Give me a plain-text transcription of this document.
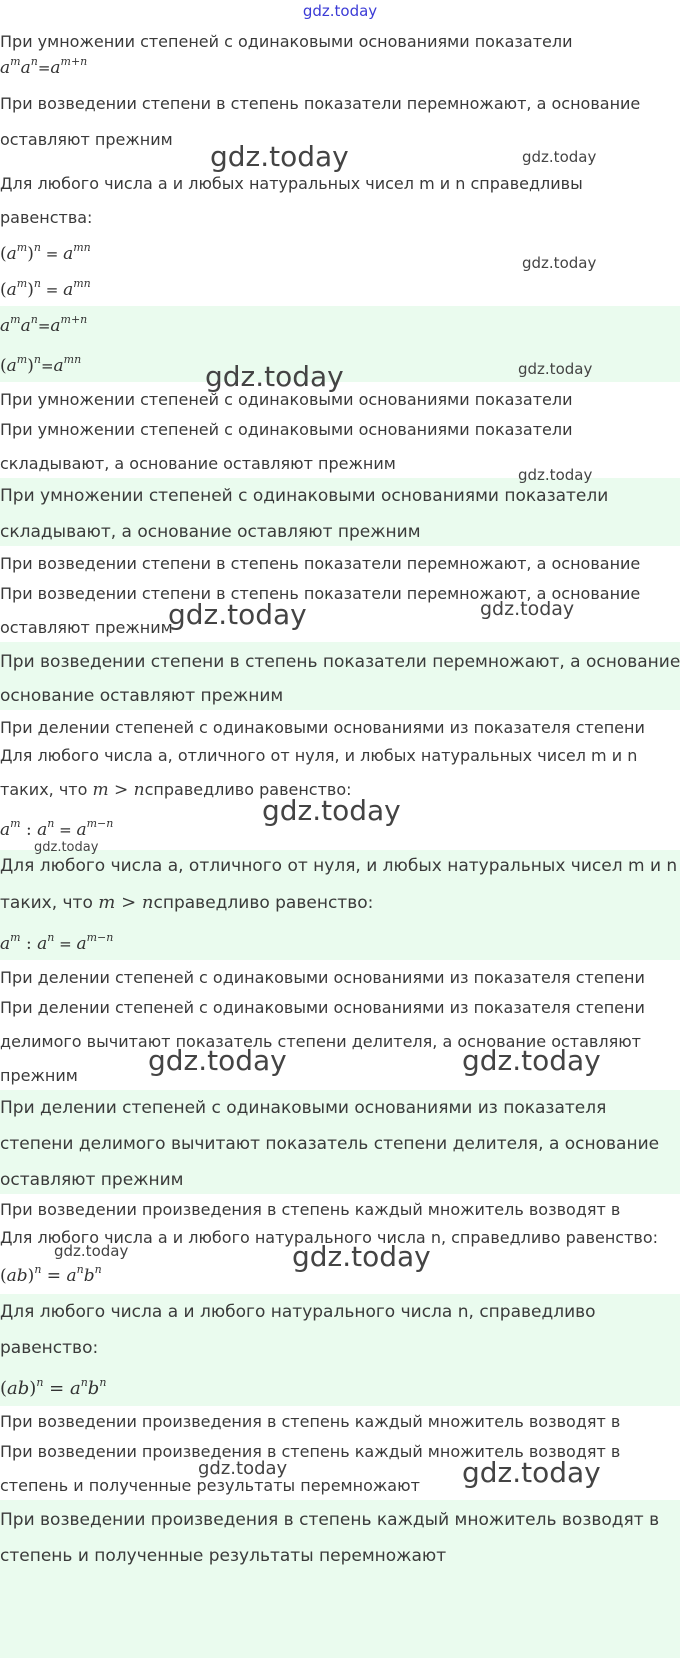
gdz.today
При умножении степеней с одинаковыми основаниями показатели
$a^ma^n=a^{m+n}$
При возведении степени в степень показатели перемножают, а основание
оставляют прежним
Для любого числа a и любых натуральных чисел m и n справедливы
равенства:
$(a^m)^n = a^{mn}$
$(a^m)^n = a^{mn}$
$a^ma^n=a^{m+n}$
$(a^m)^n=a^{mn}$
При умножении степеней с одинаковыми основаниями показатели
При умножении степеней с одинаковыми основаниями показатели
складывают, а основание оставляют прежним
При умножении степеней с одинаковыми основаниями показатели
складывают, а основание оставляют прежним
При возведении степени в степень показатели перемножают, а основание
При возведении степени в степень показатели перемножают, а основание
оставляют прежним
При возведении степени в степень показатели перемножают, а основание
основание оставляют прежним
При делении степеней с одинаковыми основаниями из показателя степени
Для любого числа a, отличного от нуля, и любых натуральных чисел m и n
таких, что m > nсправедливо равенство:
$a^m$ : $a^n = a^{m-n}$
Для любого числа a, отличного от нуля, и любых натуральных чисел m и n
таких, что m > nсправедливо равенство:
$a^m$ : $a^n = a^{m-n}$
При делении степеней с одинаковыми основаниями из показателя степени
При делении степеней с одинаковыми основаниями из показателя степени
делимого вычитают показатель степени делителя, а основание оставляют
прежним
При делении степеней с одинаковыми основаниями из показателя
степени делимого вычитают показатель степени делителя, а основание
оставляют прежним
При возведении произведения в степень каждый множитель возводят в
Для любого числа a и любого натурального числа n, справедливо равенство:
$(ab)^n = a^nb^n$
Для любого числа a и любого натурального числа n, справедливо
равенство:
$(ab)^n = a^nb^n$
При возведении произведения в степень каждый множитель возводят в
При возведении произведения в степень каждый множитель возводят в
степень и полученные результаты перемножают
При возведении произведения в степень каждый множитель возводят в
степень и полученные результаты перемножают
gdz.today	gdz.today
gdz.today
gdz.today
gdz.today
gdz.today
gdz.today	gdz.today
gdz.today
gdz.today
gdz.today	gdz.today
gdz.today	gdz.today
gdz.today	gdz.today
